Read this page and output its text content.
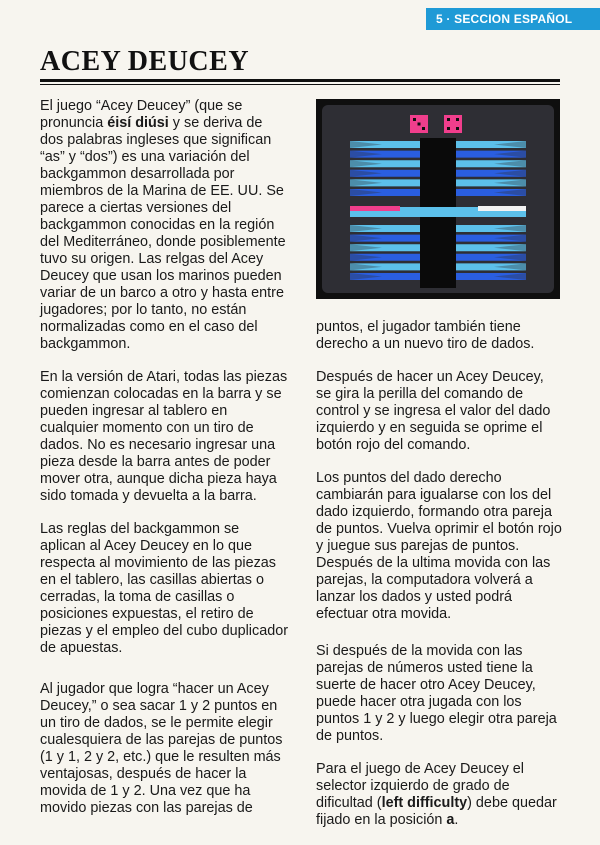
5 · SECCION ESPAÑOL
ACEY DEUCEY

El juego “Acey Deucey” (que se pronuncia éisí diúsi y se deriva de dos palabras ingleses que significan “as” y “dos”) es una variación del backgammon desarrollada por miembros de la Marina de EE. UU. Se parece a ciertas versiones del backgammon conocidas en la región del Mediterráneo, donde posiblemente tuvo su origen. Las relgas del Acey Deucey que usan los marinos pueden variar de un barco a otro y hasta entre jugadores; por lo tanto, no están normalizadas como en el caso del backgammon.

En la versión de Atari, todas las piezas comienzan colocadas en la barra y se pueden ingresar al tablero en cualquier momento con un tiro de dados. No es necesario ingresar una pieza desde la barra antes de poder mover otra, aunque dicha pieza haya sido tomada y devuelta a la barra.

Las reglas del backgammon se aplican al Acey Deucey en lo que respecta al movimiento de las piezas en el tablero, las casillas abiertas o cerradas, la toma de casillas o posiciones expuestas, el retiro de piezas y el empleo del cubo duplicador de apuestas.

Al jugador que logra “hacer un Acey Deucey,” o sea sacar 1 y 2 puntos en un tiro de dados, se le permite elegir cualesquiera de las parejas de puntos (1 y 1, 2 y 2, etc.) que le resulten más ventajosas, después de hacer la movida de 1 y 2. Una vez que ha movido piezas con las parejas de

puntos, el jugador también tiene derecho a un nuevo tiro de dados.

Después de hacer un Acey Deucey, se gira la perilla del comando de control y se ingresa el valor del dado izquierdo y en seguida se oprime el botón rojo del comando.

Los puntos del dado derecho cambiarán para igualarse con los del dado izquierdo, formando otra pareja de puntos. Vuelva oprimir el botón rojo y juegue sus parejas de puntos. Después de la ultima movida con las parejas, la computadora volverá a lanzar los dados y usted podrá efectuar otra movida.

Si después de la movida con las parejas de números usted tiene la suerte de hacer otro Acey Deucey, puede hacer otra jugada con los puntos 1 y 2 y luego elegir otra pareja de puntos.

Para el juego de Acey Deucey el selector izquierdo de grado de dificultad (left difficulty) debe quedar fijado en la posición a.
